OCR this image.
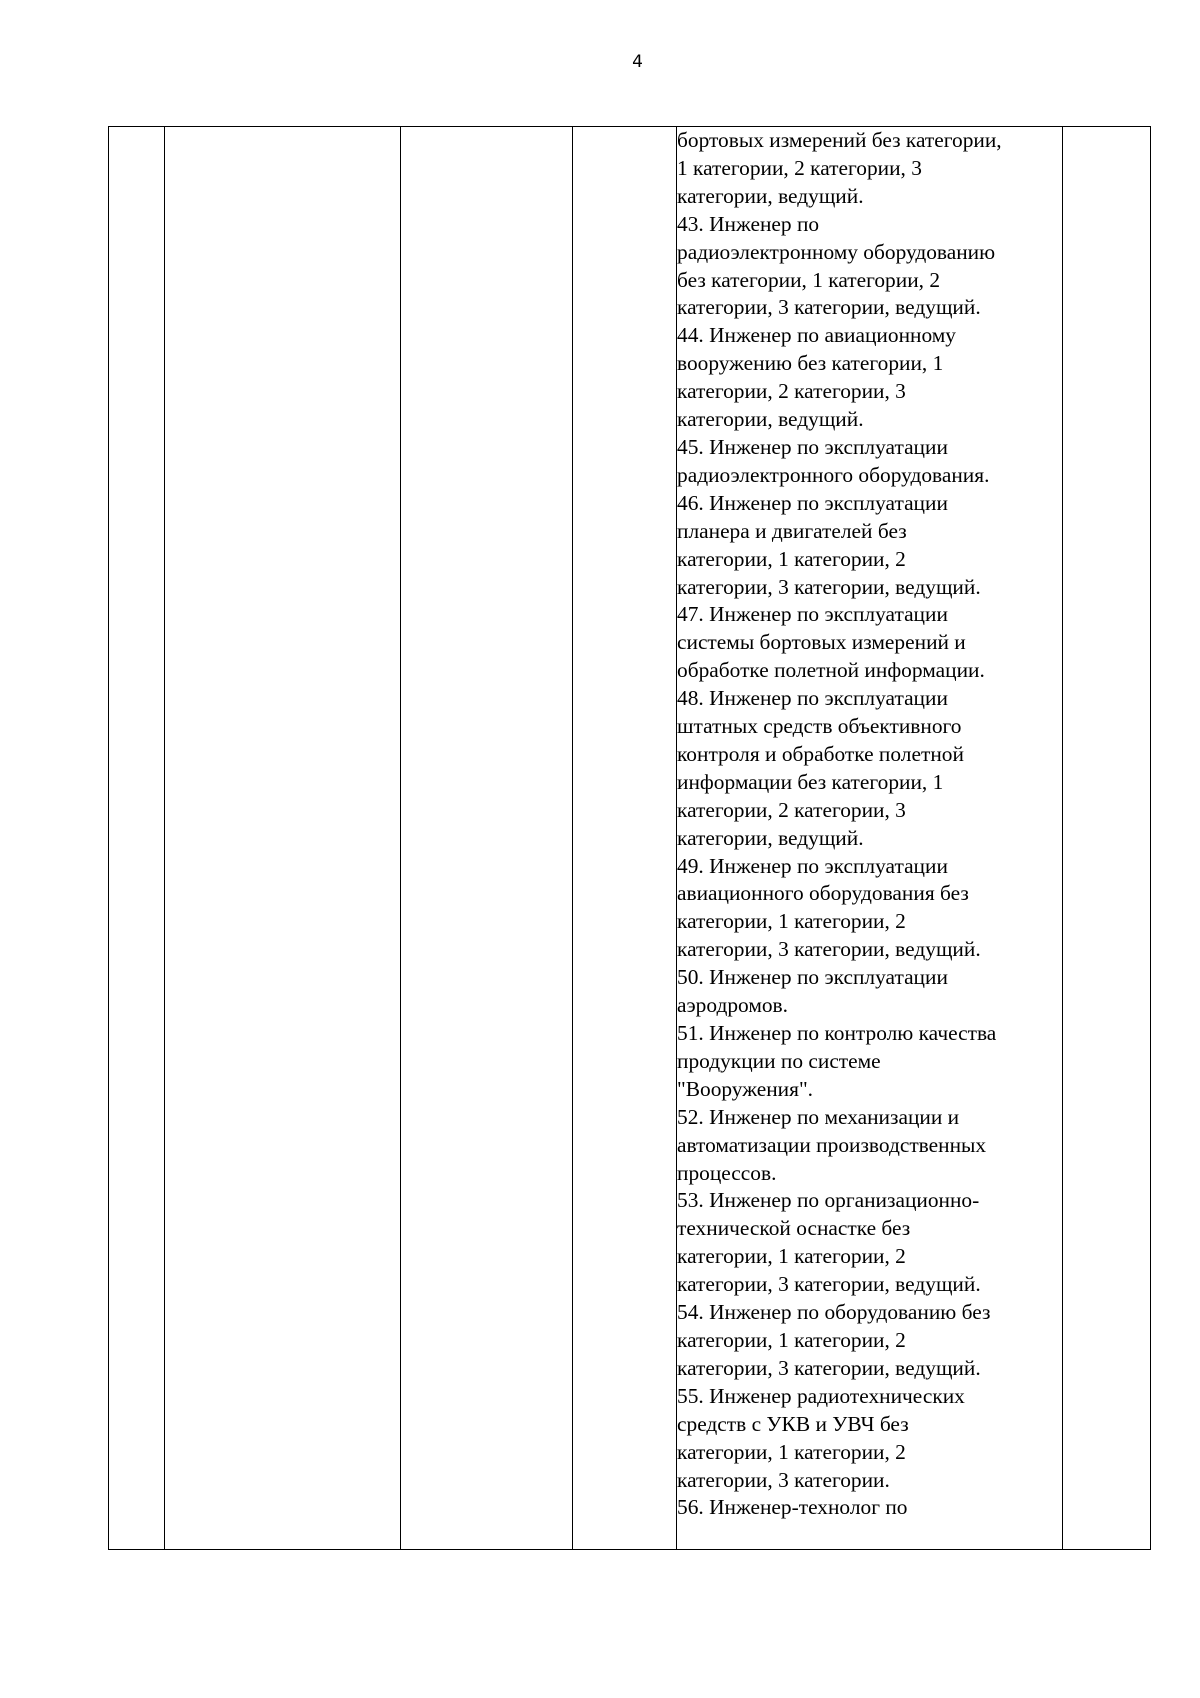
4

бортовых измерений без категории,
1 категории, 2 категории, 3
категории, ведущий.
43. Инженер по
радиоэлектронному оборудованию
без категории, 1 категории, 2
категории, 3 категории, ведущий.
44. Инженер по авиационному
вооружению без категории, 1
категории, 2 категории, 3
категории, ведущий.
45. Инженер по эксплуатации
радиоэлектронного оборудования.
46. Инженер по эксплуатации
планера и двигателей без
категории, 1 категории, 2
категории, 3 категории, ведущий.
47. Инженер по эксплуатации
системы бортовых измерений и
обработке полетной информации.
48. Инженер по эксплуатации
штатных средств объективного
контроля и обработке полетной
информации без категории, 1
категории, 2 категории, 3
категории, ведущий.
49. Инженер по эксплуатации
авиационного оборудования без
категории, 1 категории, 2
категории, 3 категории, ведущий.
50. Инженер по эксплуатации
аэродромов.
51. Инженер по контролю качества
продукции по системе
"Вооружения".
52. Инженер по механизации и
автоматизации производственных
процессов.
53. Инженер по организационно-
технической оснастке без
категории, 1 категории, 2
категории, 3 категории, ведущий.
54. Инженер по оборудованию без
категории, 1 категории, 2
категории, 3 категории, ведущий.
55. Инженер радиотехнических
средств с УКВ и УВЧ без
категории, 1 категории, 2
категории, 3 категории.
56. Инженер-технолог по
